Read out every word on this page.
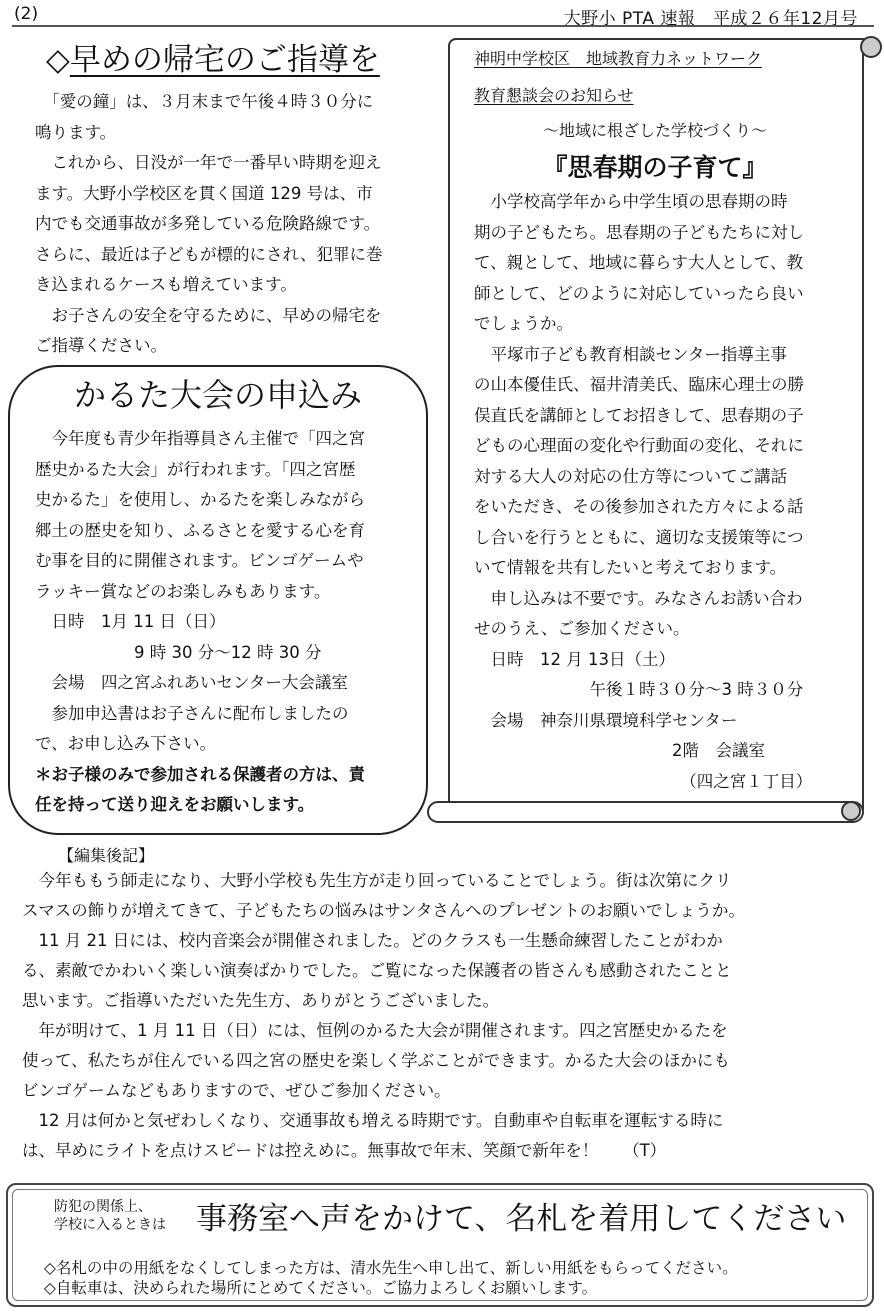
(2)	大野小 PTA 速報　平成２６年12月号
◇早めの帰宅のご指導を

　「愛の鐘」は、３月末まで午後４時３０分に

鳴ります。

　これから、日没が一年で一番早い時期を迎え

ます。大野小学校区を貫く国道 129 号は、市

内でも交通事故が多発している危険路線です。

さらに、最近は子どもが標的にされ、犯罪に巻

き込まれるケースも増えています。

　お子さんの安全を守るために、早めの帰宅を

ご指導ください。

かるた大会の申込み

　今年度も青少年指導員さん主催で「四之宮

歴史かるた大会」が行われます。「四之宮歴

史かるた」を使用し、かるたを楽しみながら

郷土の歴史を知り、ふるさとを愛する心を育

む事を目的に開催されます。ビンゴゲームや

ラッキー賞などのお楽しみもあります。

　日時　1月 11 日（日）

　　　　　　9 時 30 分～12 時 30 分

　会場　四之宮ふれあいセンター大会議室

　参加申込書はお子さんに配布しましたの

で、お申し込み下さい。

＊お子様のみで参加される保護者の方は、責

任を持って送り迎えをお願いします。

神明中学校区　地域教育力ネットワーク
教育懇談会のお知らせ
～地域に根ざした学校づくり～
『思春期の子育て』

　小学校高学年から中学生頃の思春期の時

期の子どもたち。思春期の子どもたちに対し

て、親として、地域に暮らす大人として、教

師として、どのように対応していったら良い

でしょうか。

　平塚市子ども教育相談センター指導主事

の山本優佳氏、福井清美氏、臨床心理士の勝

俣直氏を講師としてお招きして、思春期の子

どもの心理面の変化や行動面の変化、それに

対する大人の対応の仕方等についてご講話

をいただき、その後参加された方々による話

し合いを行うとともに、適切な支援策等につ

いて情報を共有したいと考えております。

　申し込みは不要です。みなさんお誘い合わ

せのうえ、ご参加ください。

　日時　12 月 13日（土）

　　　　　　　午後１時３０分～3 時３０分

　会場　神奈川県環境科学センター

　　　　　　　　　　　　2階　会議室

　　　　　　　　　　　　　（四之宮１丁目）

【編集後記】

　今年ももう師走になり、大野小学校も先生方が走り回っていることでしょう。街は次第にクリ

スマスの飾りが増えてきて、子どもたちの悩みはサンタさんへのプレゼントのお願いでしょうか。

　11 月 21 日には、校内音楽会が開催されました。どのクラスも一生懸命練習したことがわか

る、素敵でかわいく楽しい演奏ばかりでした。ご覧になった保護者の皆さんも感動されたことと

思います。ご指導いただいた先生方、ありがとうございました。

　年が明けて、1 月 11 日（日）には、恒例のかるた大会が開催されます。四之宮歴史かるたを

使って、私たちが住んでいる四之宮の歴史を楽しく学ぶことができます。かるた大会のほかにも

ビンゴゲームなどもありますので、ぜひご参加ください。

　12 月は何かと気ぜわしくなり、交通事故も増える時期です。自動車や自転車を運転する時に

は、早めにライトを点けスピードは控えめに。無事故で年末、笑顔で新年を！　　（T）

防犯の関係上、
学校に入るときは 事務室へ声をかけて、名札を着用してください

◇名札の中の用紙をなくしてしまった方は、清水先生へ申し出て、新しい用紙をもらってください。

◇自転車は、決められた場所にとめてください。ご協力よろしくお願いします。
